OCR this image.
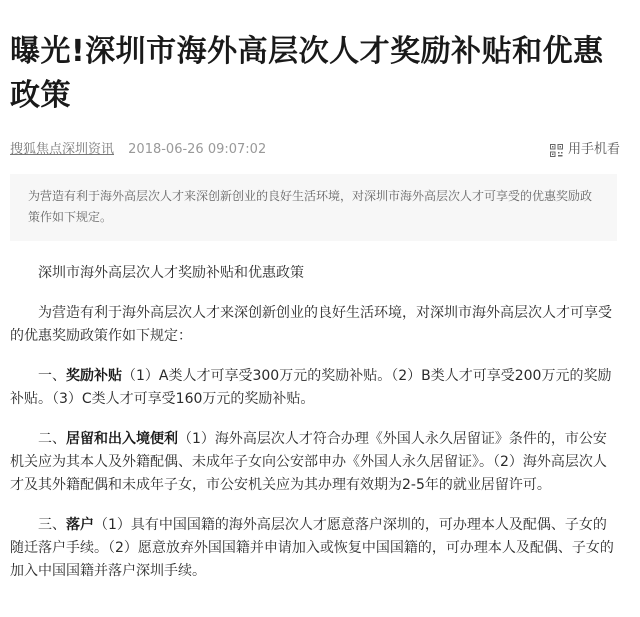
曝光!深圳市海外高层次人才奖励补贴和优惠政策
搜狐焦点深圳资讯 2018-06-26 09:07:02	用手机看
为营造有利于海外高层次人才来深创新创业的良好生活环境，对深圳市海外高层次人才可享受的优惠奖励政策作如下规定。

深圳市海外高层次人才奖励补贴和优惠政策

为营造有利于海外高层次人才来深创新创业的良好生活环境，对深圳市海外高层次人才可享受的优惠奖励政策作如下规定：

一、奖励补贴（1）A类人才可享受300万元的奖励补贴。（2）B类人才可享受200万元的奖励补贴。（3）C类人才可享受160万元的奖励补贴。

二、居留和出入境便利（1）海外高层次人才符合办理《外国人永久居留证》条件的，市公安机关应为其本人及外籍配偶、未成年子女向公安部申办《外国人永久居留证》。（2）海外高层次人才及其外籍配偶和未成年子女，市公安机关应为其办理有效期为2-5年的就业居留许可。

三、落户（1）具有中国国籍的海外高层次人才愿意落户深圳的，可办理本人及配偶、子女的随迁落户手续。（2）愿意放弃外国国籍并申请加入或恢复中国国籍的，可办理本人及配偶、子女的加入中国国籍并落户深圳手续。
